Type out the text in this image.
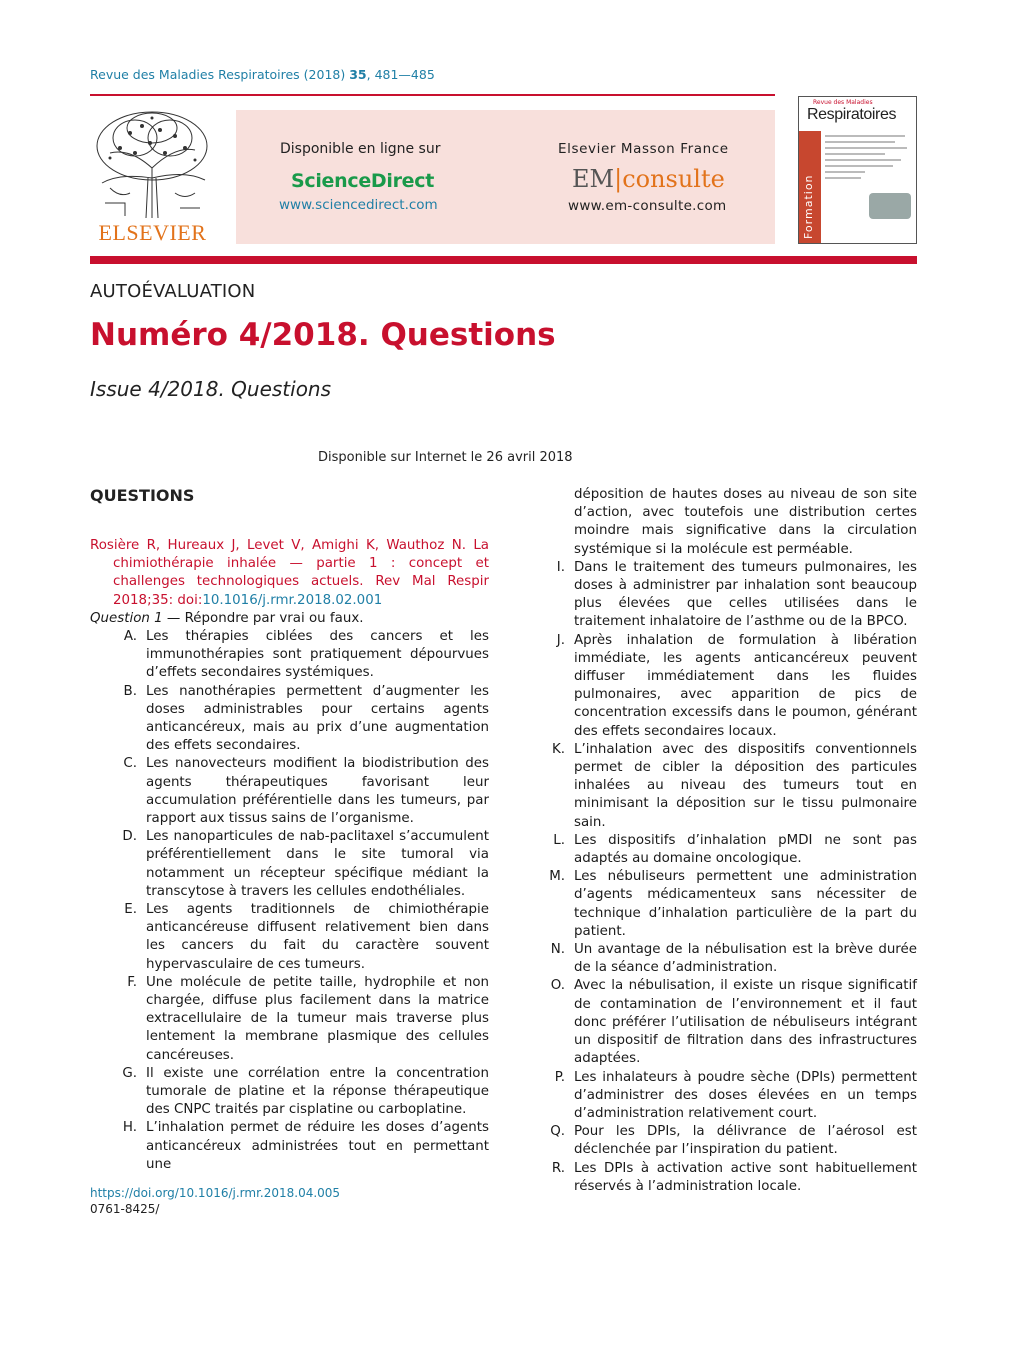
Revue des Maladies Respiratoires (2018) 35, 481—485
ELSEVIER
Disponible en ligne sur
ScienceDirect
www.sciencedirect.com
Elsevier Masson France
EM|consulte
www.em-consulte.com
Revue des Maladies
Respiratoires
Formation
AUTOÉVALUATION
Numéro 4/2018. Questions
Issue 4/2018. Questions
Disponible sur Internet le 26 avril 2018
QUESTIONS
Rosière R, Hureaux J, Levet V, Amighi K, Wauthoz N. La chimiothérapie inhalée — partie 1 : concept et challenges technologiques actuels. Rev Mal Respir 2018;35: doi:10.1016/j.rmr.2018.02.001
Question 1 — Répondre par vrai ou faux.
A. Les thérapies ciblées des cancers et les immunothérapies sont pratiquement dépourvues d’effets secondaires systémiques.
B. Les nanothérapies permettent d’augmenter les doses administrables pour certains agents anticancéreux, mais au prix d’une augmentation des effets secondaires.
C. Les nanovecteurs modifient la biodistribution des agents thérapeutiques favorisant leur accumulation préférentielle dans les tumeurs, par rapport aux tissus sains de l’organisme.
D. Les nanoparticules de nab-paclitaxel s’accumulent préférentiellement dans le site tumoral via notamment un récepteur spécifique médiant la transcytose à travers les cellules endothéliales.
E. Les agents traditionnels de chimiothérapie anticancéreuse diffusent relativement bien dans les cancers du fait du caractère souvent hypervasculaire de ces tumeurs.
F. Une molécule de petite taille, hydrophile et non chargée, diffuse plus facilement dans la matrice extracellulaire de la tumeur mais traverse plus lentement la membrane plasmique des cellules cancéreuses.
G. Il existe une corrélation entre la concentration tumorale de platine et la réponse thérapeutique des CNPC traités par cisplatine ou carboplatine.
H. L’inhalation permet de réduire les doses d’agents anticancéreux administrées tout en permettant une
déposition de hautes doses au niveau de son site d’action, avec toutefois une distribution certes moindre mais significative dans la circulation systémique si la molécule est perméable.
I. Dans le traitement des tumeurs pulmonaires, les doses à administrer par inhalation sont beaucoup plus élevées que celles utilisées dans le traitement inhalatoire de l’asthme ou de la BPCO.
J. Après inhalation de formulation à libération immédiate, les agents anticancéreux peuvent diffuser immédiatement dans les fluides pulmonaires, avec apparition de pics de concentration excessifs dans le poumon, générant des effets secondaires locaux.
K. L’inhalation avec des dispositifs conventionnels permet de cibler la déposition des particules inhalées au niveau des tumeurs tout en minimisant la déposition sur le tissu pulmonaire sain.
L. Les dispositifs d’inhalation pMDI ne sont pas adaptés au domaine oncologique.
M. Les nébuliseurs permettent une administration d’agents médicamenteux sans nécessiter de technique d’inhalation particulière de la part du patient.
N. Un avantage de la nébulisation est la brève durée de la séance d’administration.
O. Avec la nébulisation, il existe un risque significatif de contamination de l’environnement et il faut donc préférer l’utilisation de nébuliseurs intégrant un dispositif de filtration dans des infrastructures adaptées.
P. Les inhalateurs à poudre sèche (DPIs) permettent d’administrer des doses élevées en un temps d’administration relativement court.
Q. Pour les DPIs, la délivrance de l’aérosol est déclenchée par l’inspiration du patient.
R. Les DPIs à activation active sont habituellement réservés à l’administration locale.
https://doi.org/10.1016/j.rmr.2018.04.005
0761-8425/
